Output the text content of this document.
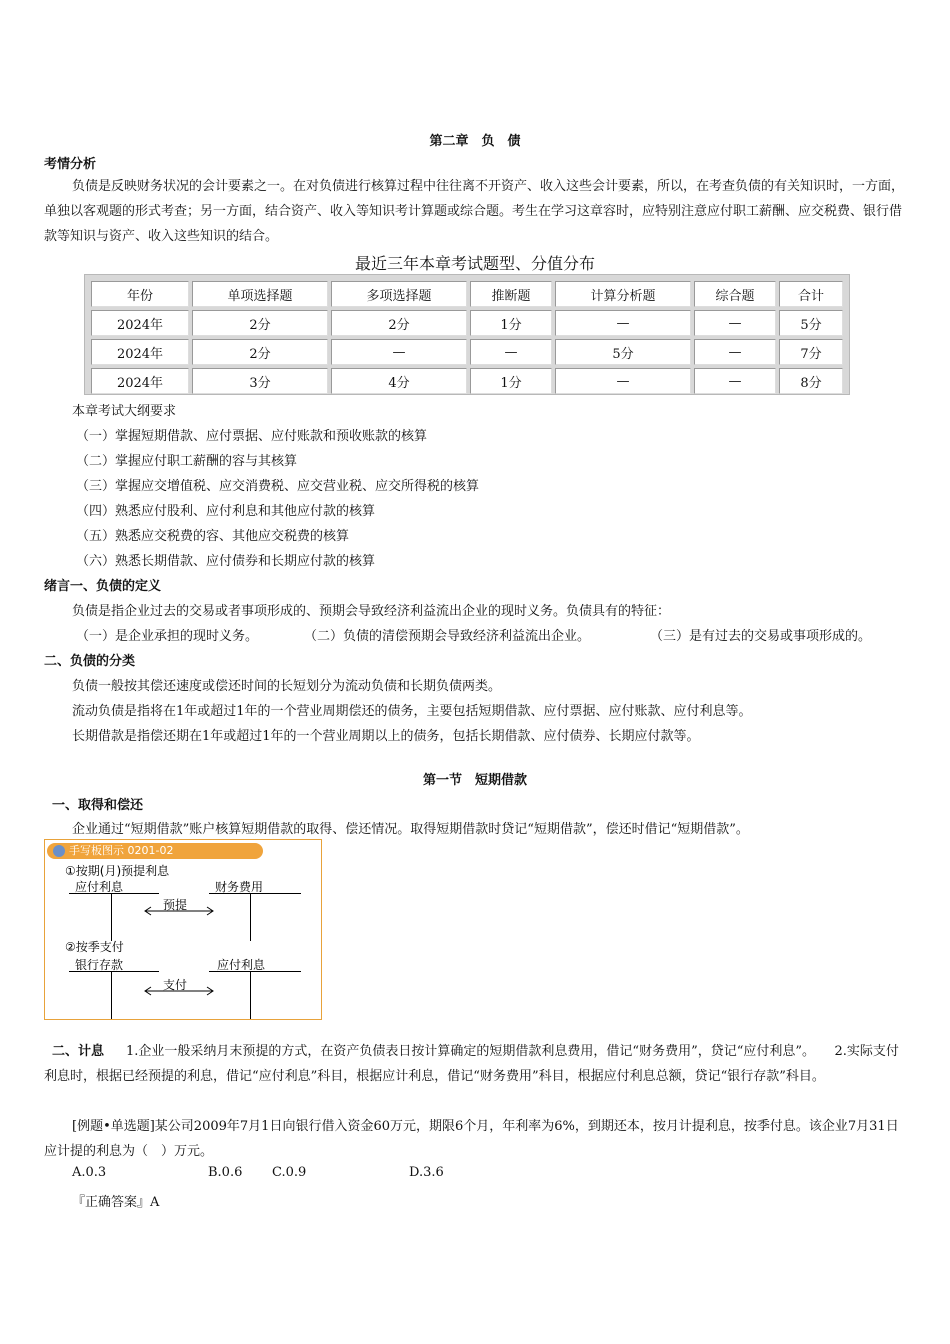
第二章　负　债
考情分析
负债是反映财务状况的会计要素之一。在对负债进行核算过程中往往离不开资产、收入这些会计要素，所以，在考查负债的有关知识时，一方面，单独以客观题的形式考查；另一方面，结合资产、收入等知识考计算题或综合题。考生在学习这章容时，应特别注意应付职工薪酬、应交税费、银行借款等知识与资产、收入这些知识的结合。
最近三年本章考试题型、分值分布
年份	单项选择题	多项选择题	推断题	计算分析题	综合题	合计
2024年	2分	2分	1分	—	—	5分
2024年	2分	—	—	5分	—	7分
2024年	3分	4分	1分	—	—	8分
本章考试大纲要求
（一）掌握短期借款、应付票据、应付账款和预收账款的核算
（二）掌握应付职工薪酬的容与其核算
（三）掌握应交增值税、应交消费税、应交营业税、应交所得税的核算
（四）熟悉应付股利、应付利息和其他应付款的核算
（五）熟悉应交税费的容、其他应交税费的核算
（六）熟悉长期借款、应付债券和长期应付款的核算
绪言一、负债的定义
负债是指企业过去的交易或者事项形成的、预期会导致经济利益流出企业的现时义务。负债具有的特征：
（一）是企业承担的现时义务。	（二）负债的清偿预期会导致经济利益流出企业。	（三）是有过去的交易或事项形成的。
二、负债的分类
负债一般按其偿还速度或偿还时间的长短划分为流动负债和长期负债两类。
流动负债是指将在1年或超过1年的一个营业周期偿还的债务，主要包括短期借款、应付票据、应付账款、应付利息等。
长期借款是指偿还期在1年或超过1年的一个营业周期以上的债务，包括长期借款、应付债券、长期应付款等。
第一节　短期借款
一、取得和偿还
企业通过“短期借款”账户核算短期借款的取得、偿还情况。取得短期借款时贷记“短期借款”，偿还时借记“短期借款”。
手写板图示 0201-02
①按期(月)预提利息
应付利息	财务费用
预提
②按季支付
银行存款	应付利息
支付
二、计息 1.企业一般采纳月末预提的方式，在资产负债表日按计算确定的短期借款利息费用，借记“财务费用”，贷记“应付利息”。　　2.实际支付利息时，根据已经预提的利息，借记“应付利息”科目，根据应计利息，借记“财务费用”科目，根据应付利息总额，贷记“银行存款”科目。
[例题•单选题]某公司2009年7月1日向银行借入资金60万元，期限6个月，年利率为6%，到期还本，按月计提利息，按季付息。该企业7月31日应计提的利息为（　）万元。
A.0.3	B.0.6 C.0.9	D.3.6
『正确答案』A
